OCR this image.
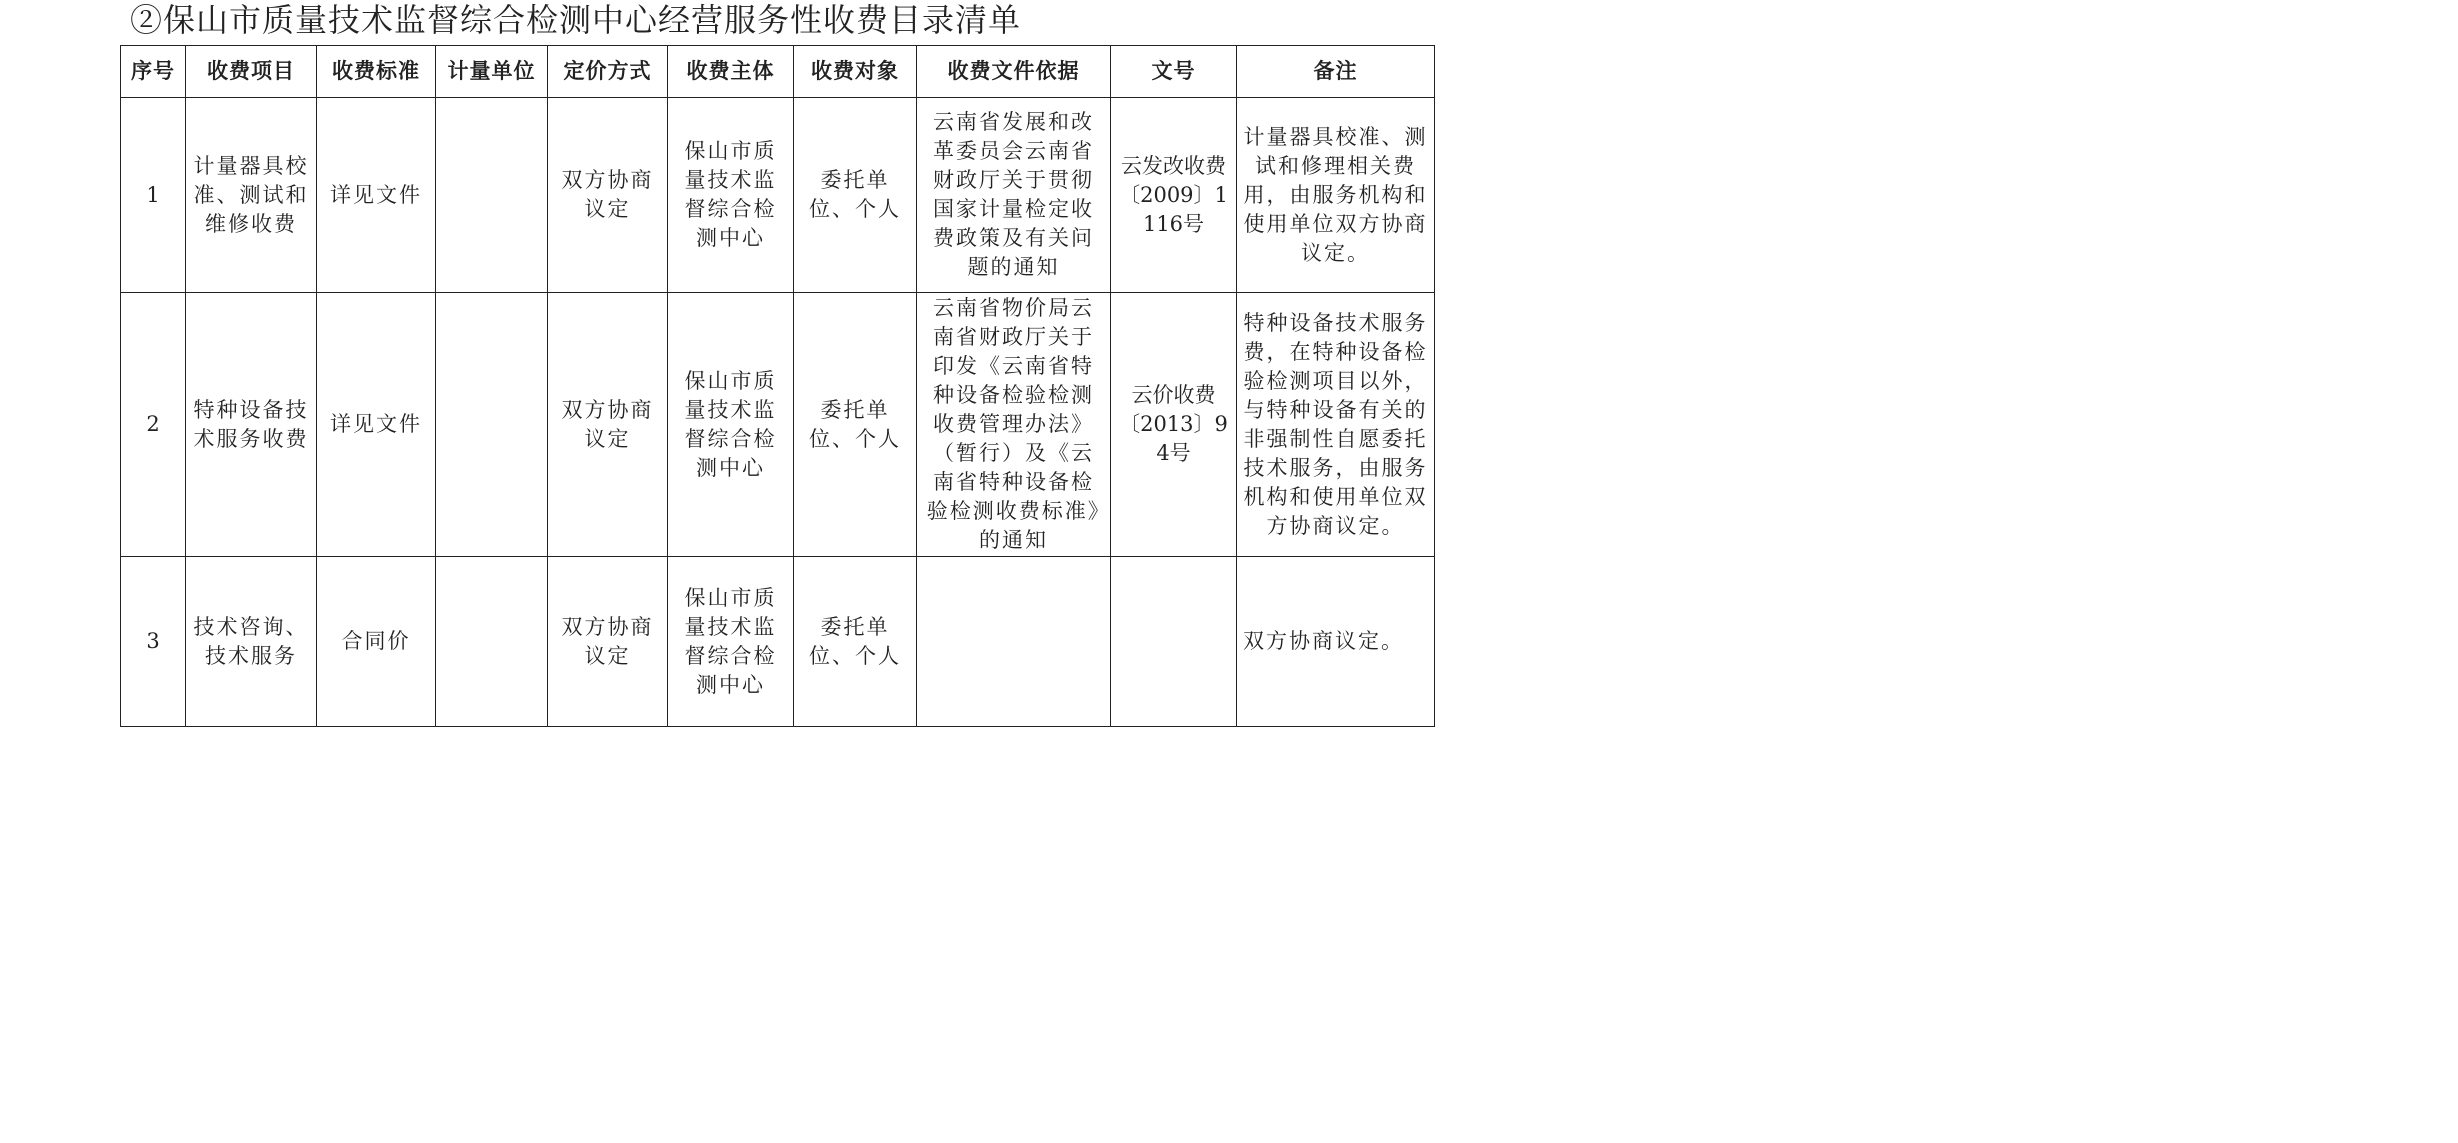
②保山市质量技术监督综合检测中心经营服务性收费目录清单
序号	收费项目	收费标准	计量单位	定价方式	收费主体	收费对象	收费文件依据	文号	备注
1	计量器具校准、测试和维修收费	详见文件		双方协商议定	保山市质量技术监督综合检测中心	委托单位、个人	云南省发展和改革委员会云南省财政厅关于贯彻国家计量检定收费政策及有关问题的通知	云发改收费〔2009〕1116号	计量器具校准、测试和修理相关费用，由服务机构和使用单位双方协商议定。
2	特种设备技术服务收费	详见文件		双方协商议定	保山市质量技术监督综合检测中心	委托单位、个人	云南省物价局云南省财政厅关于印发《云南省特种设备检验检测收费管理办法》（暂行）及《云南省特种设备检验检测收费标准》的通知	云价收费〔2013〕94号	特种设备技术服务费，在特种设备检验检测项目以外，与特种设备有关的非强制性自愿委托技术服务，由服务机构和使用单位双方协商议定。
3	技术咨询、技术服务	合同价		双方协商议定	保山市质量技术监督综合检测中心	委托单位、个人			双方协商议定。
